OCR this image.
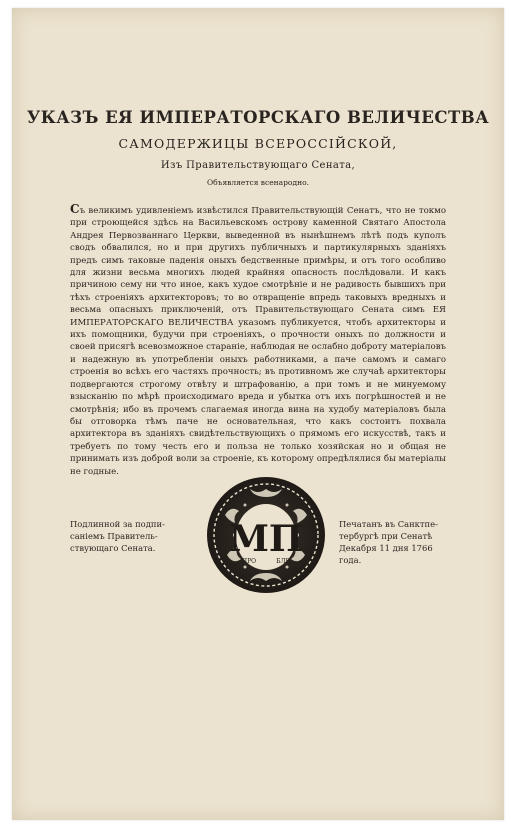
УКАЗЪ ЕЯ ИМПЕРАТОРСКАГО ВЕЛИЧЕСТВА
САМОДЕРЖИЦЫ ВСЕРОССІЙСКОЙ,
Изъ Правительствующаго Сената,
Объявляется всенародно.
Съ великимъ удивленіемъ извѣстился Правительствующій Сенатъ, что не токмо при строющейся здѣсь на Васильевскомъ острову каменной Святаго Апостола Андрея Первозваннаго Церкви, выведенной въ нынѣшнемъ лѣтѣ подъ куполъ сводъ обвалился, но и при другихъ публичныхъ и партикулярныхъ зданіяхъ предъ симъ таковые паденія оныхъ бедственные примѣры, и отъ того особливо для жизни весьма многихъ людей крайняя опасность послѣдовали. И какъ причиною сему ни что иное, какъ худое смотрѣніе и не радивость бывшихъ при тѣхъ строеніяхъ архитекторовъ; то во отвращеніе впредь таковыхъ вредныхъ и весьма опасныхъ приключеній, отъ Правительствующаго Сената симъ ЕЯ ИМПЕРАТОРСКАГО ВЕЛИЧЕСТВА указомъ публикуется, чтобъ архитекторы и ихъ помощники, будучи при строеніяхъ, о прочности оныхъ по должности и своей присягѣ всевозможное стараніе, наблюдая не ослабно доброту матеріаловъ и надежную въ употребленіи оныхъ работниками, а паче самомъ и самаго строенія во всѣхъ его частяхъ прочность; въ противномъ же случаѣ архитекторы подвергаются строгому отвѣту и штрафованію, а при томъ и не минуемому взысканію по мѣрѣ происходимаго вреда и убытка отъ ихъ погрѣшностей и не смотрѣнія; ибо въ прочемъ слагаемая иногда вина на худобу матеріаловъ была бы отговорка тѣмъ паче не основательная, что какъ состоитъ похвала архитектора въ зданіяхъ свидѣтельствующихъ о прямомъ его искусствѣ, такъ и требуетъ по тому честь его и польза не только хозяйская но и общая не принимать изъ доброй воли за строеніе, къ которому опредѣлялися бы матеріалы не годные.
Подлинной за подпи-
саніемъ Правитель-
ствующаго Сената.	МП
ПРО	БЛЕ
Печатанъ въ Санктпе-
тербургѣ при Сенатѣ
Декабря 11 дня 1766
года.
